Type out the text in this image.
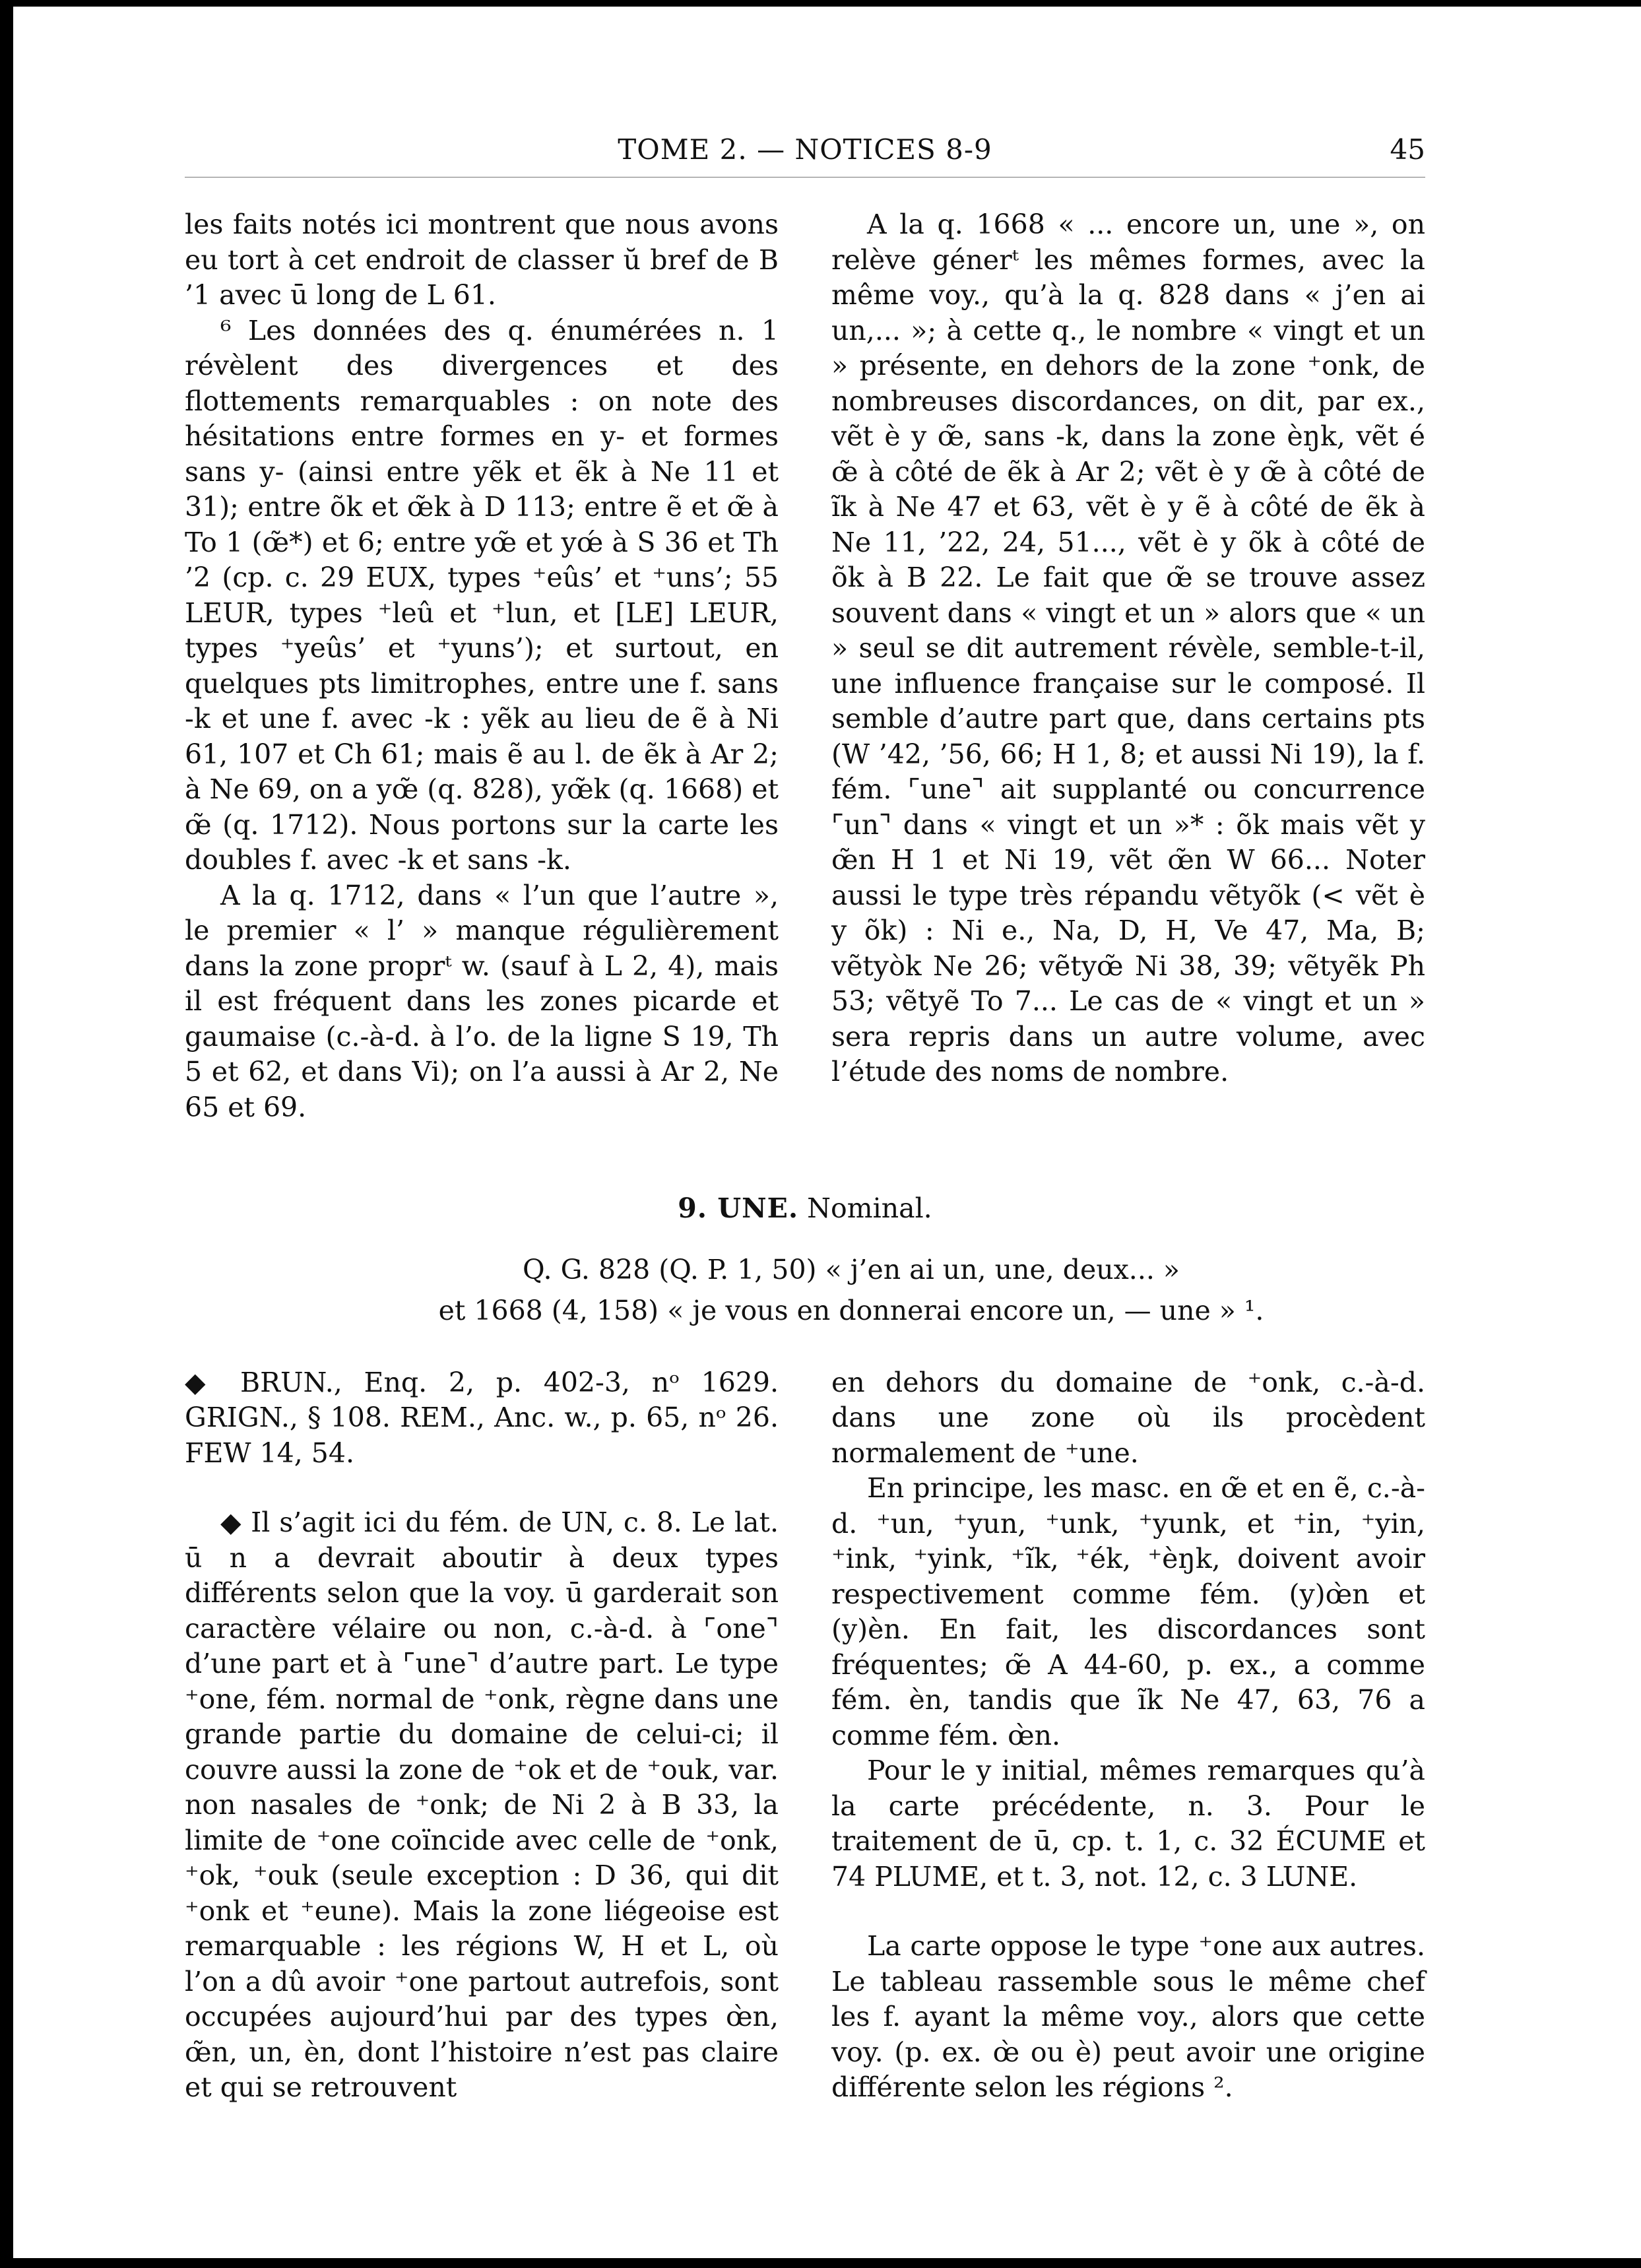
TOME 2. — NOTICES 8-9	45

les faits notés ici montrent que nous avons eu tort à cet endroit de classer ŭ bref de B ’1 avec ū long de L 61.

⁶ Les données des q. énumérées n. 1 révèlent des divergences et des flottements remarquables : on note des hésitations entre formes en y- et formes sans y- (ainsi entre yẽk et ẽk à Ne 11 et 31); entre õk et œ̃k à D 113; entre ẽ et œ̃ à To 1 (œ̃*) et 6; entre yœ̃ et yœ́ à S 36 et Th ’2 (cp. c. 29 EUX, types ⁺eûs’ et ⁺uns’; 55 LEUR, types ⁺leû et ⁺lun, et [LE] LEUR, types ⁺yeûs’ et ⁺yuns’); et surtout, en quelques pts limitrophes, entre une f. sans -k et une f. avec -k : yẽk au lieu de ẽ à Ni 61, 107 et Ch 61; mais ẽ au l. de ẽk à Ar 2; à Ne 69, on a yœ̃ (q. 828), yœ̃k (q. 1668) et œ̃ (q. 1712). Nous portons sur la carte les doubles f. avec -k et sans -k.

A la q. 1712, dans « l’un que l’autre », le premier « l’ » manque régulièrement dans la zone proprᵗ w. (sauf à L 2, 4), mais il est fréquent dans les zones picarde et gaumaise (c.-à-d. à l’o. de la ligne S 19, Th 5 et 62, et dans Vi); on l’a aussi à Ar 2, Ne 65 et 69.

A la q. 1668 « ... encore un, une », on relève génerᵗ les mêmes formes, avec la même voy., qu’à la q. 828 dans « j’en ai un,... »; à cette q., le nombre « vingt et un » présente, en dehors de la zone ⁺onk, de nombreuses discordances, on dit, par ex., vẽt è y œ̃, sans -k, dans la zone èŋk, vẽt é œ̃ à côté de ẽk à Ar 2; vẽt è y œ̃ à côté de ĩk à Ne 47 et 63, vẽt è y ẽ à côté de ẽk à Ne 11, ’22, 24, 51..., vẽt è y õk à côté de õk à B 22. Le fait que œ̃ se trouve assez souvent dans « vingt et un » alors que « un » seul se dit autrement révèle, semble-t-il, une influence française sur le composé. Il semble d’autre part que, dans certains pts (W ’42, ’56, 66; H 1, 8; et aussi Ni 19), la f. fém. ⌜une⌝ ait supplanté ou concurrence ⌜un⌝ dans « vingt et un »* : õk mais vẽt y œ̃n H 1 et Ni 19, vẽt œ̃n W 66... Noter aussi le type très répandu vẽtyõk (< vẽt è y õk) : Ni e., Na, D, H, Ve 47, Ma, B; vẽtyòk Ne 26; vẽtyœ̃ Ni 38, 39; vẽtyẽk Ph 53; vẽtyẽ To 7... Le cas de « vingt et un » sera repris dans un autre volume, avec l’étude des noms de nombre.

9. UNE. Nominal.
Q. G. 828 (Q. P. 1, 50) « j’en ai un, une, deux... »
et 1668 (4, 158) « je vous en donnerai encore un, — une » ¹.

◆ BRUN., Enq. 2, p. 402-3, nᵒ 1629. GRIGN., § 108. REM., Anc. w., p. 65, nᵒ 26. FEW 14, 54.

◆ Il s’agit ici du fém. de UN, c. 8. Le lat. ū n a devrait aboutir à deux types différents selon que la voy. ū garderait son caractère vélaire ou non, c.-à-d. à ⌜one⌝ d’une part et à ⌜une⌝ d’autre part. Le type ⁺one, fém. normal de ⁺onk, règne dans une grande partie du domaine de celui-ci; il couvre aussi la zone de ⁺ok et de ⁺ouk, var. non nasales de ⁺onk; de Ni 2 à B 33, la limite de ⁺one coïncide avec celle de ⁺onk, ⁺ok, ⁺ouk (seule exception : D 36, qui dit ⁺onk et ⁺eune). Mais la zone liégeoise est remarquable : les régions W, H et L, où l’on a dû avoir ⁺one partout autrefois, sont occupées aujourd’hui par des types œ̀n, œ̃n, un, èn, dont l’histoire n’est pas claire et qui se retrouvent

en dehors du domaine de ⁺onk, c.-à-d. dans une zone où ils procèdent normalement de ⁺une.

En principe, les masc. en œ̃ et en ẽ, c.-à-d. ⁺un, ⁺yun, ⁺unk, ⁺yunk, et ⁺in, ⁺yin, ⁺ink, ⁺yink, ⁺ĩk, ⁺ék, ⁺èŋk, doivent avoir respectivement comme fém. (y)œ̀n et (y)èn. En fait, les discordances sont fréquentes; œ̃ A 44-60, p. ex., a comme fém. èn, tandis que ĩk Ne 47, 63, 76 a comme fém. œ̀n.

Pour le y initial, mêmes remarques qu’à la carte précédente, n. 3. Pour le traitement de ū, cp. t. 1, c. 32 ÉCUME et 74 PLUME, et t. 3, not. 12, c. 3 LUNE.

La carte oppose le type ⁺one aux autres. Le tableau rassemble sous le même chef les f. ayant la même voy., alors que cette voy. (p. ex. œ̀ ou è) peut avoir une origine différente selon les régions ².
